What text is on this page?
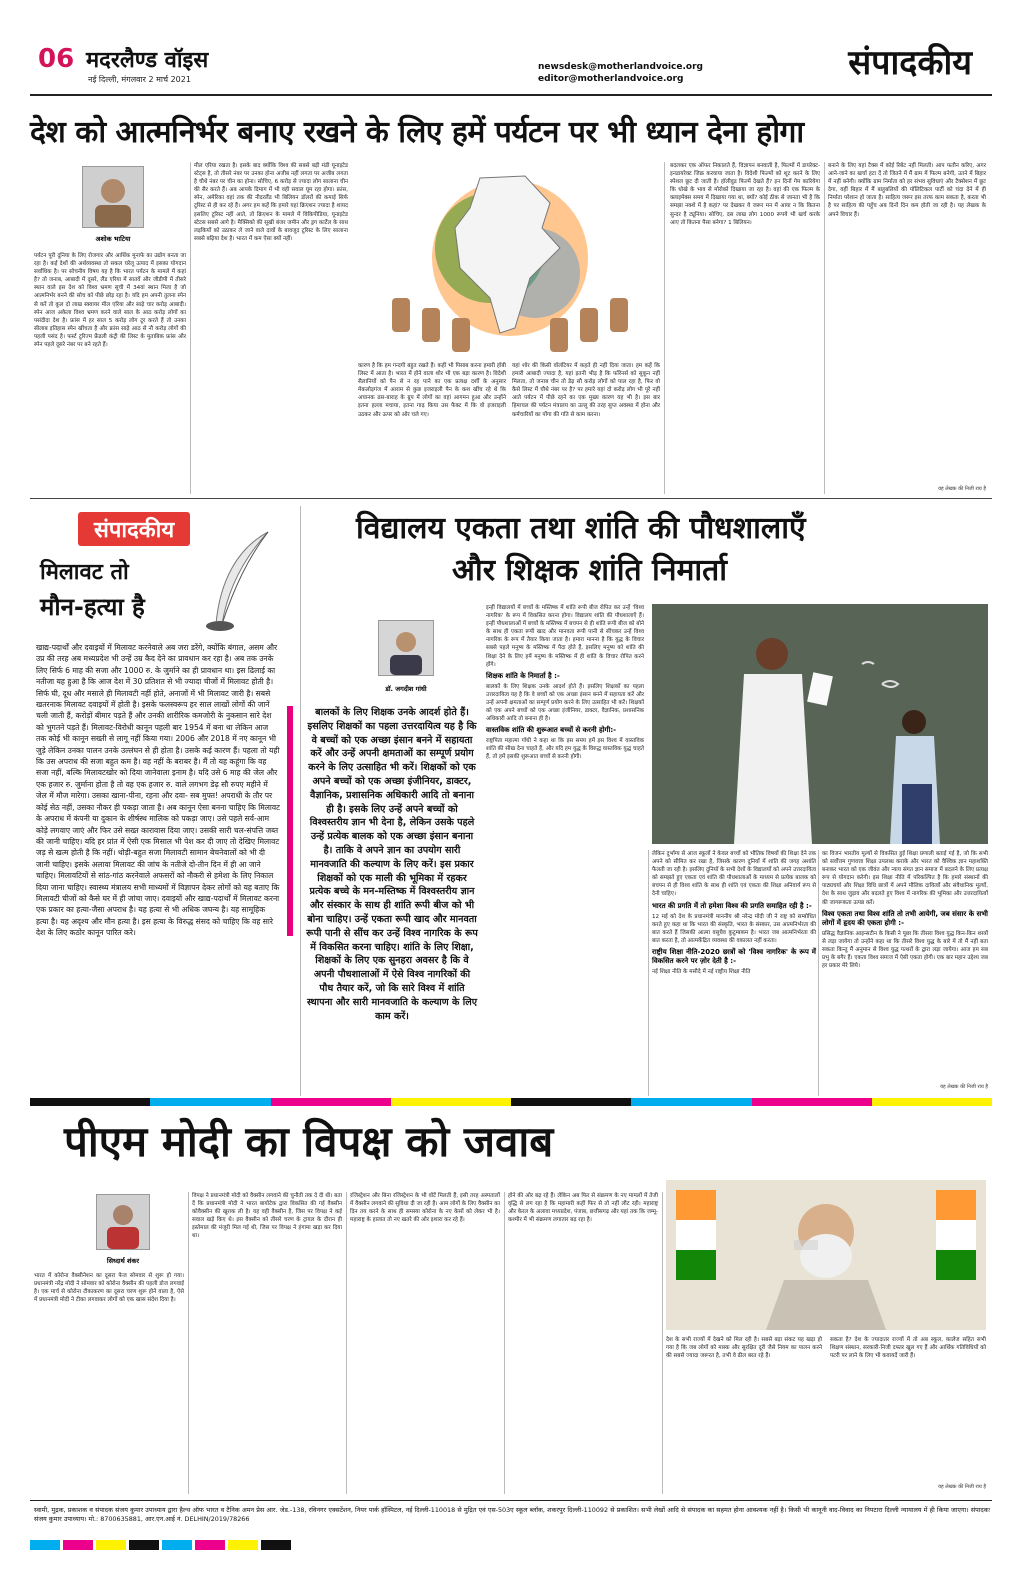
06 मदरलैण्ड वॉइस
नई दिल्ली, मंगलवार 2 मार्च 2021
newsdesk@motherlandvoice.org
editor@motherlandvoice.org	संपादकीय
देश को आत्मनिर्भर बनाए रखने के लिए हमें पर्यटन पर भी ध्यान देना होगा
अशोक भाटिया
पर्यटन पूरी दुनिया के लिए रोजगार और आर्थिक मुनाफे का उद्योग बनता जा रहा है। कई देशों की अर्थव्यवस्था तो सकल घरेलू उत्पाद में इसका योगदान सर्वाधिक है। पर सोचनीय विषय यह है कि भारत पर्यटन के मामले में कहां है? तो जनाब, आबादी में दूसरे, लैंड एरिया में सातवें और जीडीपी में तीसरे स्थान वाले इस देश को विश्व भ्रमण सूची में 34वां स्थान मिला है जो आत्मनिर्भर बनने की सोच को पीछे छोड़ रहा है। यदि हम अपनी तुलना स्पेन से करें तो कुल दो लाख स्क्वायर मील एरिया और साढ़े चार करोड़ आबादी। स्पेन आज अकेला विश्व भ्रमण करने वाले साल के आठ करोड़ लोगों का पसंदीदा देश है। फ्रांस में हर साल 5 करोड़ लोग टूर करते हैं तो उनका सीलाब इतिहास स्पेन खींचता है और फ्रांस साढ़े आठ से नौ करोड़ लोगों की पहली पसंद है। फर्स्ट टूरिज्म फ्रेंडली कंट्री की लिस्ट के मुताबिक फ्रांस और स्पेन पहले दूसरे नंबर पर बने रहते हैं।
मील एरिया रखता है। इसके बाद क्योंकि विश्व की सबसे बड़ी मंडी यूनाइटेड स्टेट्स है, तो तीसरे नंबर पर उनका होना अजीब नहीं लगता पर अजीब लगता है चौथे नंबर पर चीन का होना। सोचिए, 6 करोड़ से ज्यादा लोग सालाना चीन की सैर करते हैं। अब आपके दिमाग में भी वही सवाल घूम रहा होगा। फ्रांस, स्पेन, अमेरिका वहां तक की नीदरलैंड भी बिलियन डॉलरों की कमाई सिर्फ टूरिस्ट से ही कर रहे हैं। अगर हम कहें कि हमारे यहां क्रिएशन ज्यादा है शायद इसलिए टूरिस्ट नहीं आते, तो क्रिएशन के मामले में विकिपीडिया, यूनाइटेड स्टेटस सबसे आगे है। मैक्सिको की सूखी बंजर जमीन और ड्रग कार्टेल के साथ लड़कियों को उठाकर ले जाने वाले दावों के बावजूद टूरिस्ट के लिए सालाना सबसे बढ़िया देश है। भारत में कम ऐसा क्यों नहीं।
कारण है कि हम गन्दगी बहुत रखते हैं। कहीं भी पिसाब करना हमारी हॉबी लिस्ट में आता है। भारत में होने वाला शोर भी एक बड़ा कारण है। विदेशी सैलानियों को पैन से न रह पाने का एक प्रत्यक्ष दर्शी के अनुसार मेकलोड़गंज में आराम से कुछ इजराइली पैन के कश खींच रहे थे कि अचानक ढस-बाराह के ग्रुप में लोगों का वहां आगमन हुआ और उन्होंने इतना हल्ला मचाया, इतना गाढ़ किया उस फैक्ट में कि वो इजराइली उठकर और ऊपर को ओर चले गए।
यहां शोर की किसी वॉलंटियर में कहते ही नहीं दिया जाता। हम कहें कि हमारी आबादी ज्यादा है, यहां इतनी भीड़ है कि फॉरेनर्स को सुकून नहीं मिलता, तो जनाब चीन तो डेढ़ सौ करोड़ लोगों को पाल रहा है, फिर वो कैसे लिस्ट में चौथे नंबर पर है? पर हमारे यहां दो करोड़ लोग भी पूरे नहीं आते पर्यटन में पीछे रहने का एक मुख्य कारण यह भी है। इस बार हिमाचल की पर्यटन मंत्रालय का उल्लू की तरह सुप्त अवस्था में होना और कर्मचारियों का पोंगा की गति से काम करना।
बदलकर एक ऑफर निकालते हैं, विज्ञापन बनवाती है, फिल्मों में डायरेक्ट-इनडायरेक्ट जिक्र करवाया जाता है। विदेशी फिल्मों को शूट करने के लिए स्पेशल छूट दी जाती है। हॉलीवुड फिल्में देखते हैं? इन दिनों गेम कारियेगा कि धोखे के भाव से मोरोको दिखाया जा रहा है। वहां की एक फिल्म के क्लाइमेक्स समय में दिखाया गया था, क्यों? कोई ठीक से जानता भी है कि समझा नक्शे में है कहां? पर देखकर ये जरूर मन में आया न कि कितना सुन्दर है ट्यूनिया। सोचिए, दस लाख लोग 1000 रूपये भी खर्च करके आए तो कितना पैसा बनेगा? 1 बिलियन।
बनाने के लिए यहां टैक्स में कोई रिबेट नहीं मिलती। आप फतौन करिए, अगर आने-जाने का खर्चा हटा दें तो जितने में मैं ग्राम में फिल्म बनेगी, उतने में बिहार में नहीं बनेगी। क्योंकि ग्राम निर्माता को हर संभव सुविधाएं और टैक्सेशन में छूट देगा, वहीं बिहार में मैं बाहुबलियों की पॉलिटिकल पार्टी को चंदा देने में ही निर्माता परेशान हो जाता है। साहित्य जरूर इस तरफ काम सकता है, करता भी है पर साहित्य की पहुँच अब दिनों दिन कम होती जा रही है। यह लेखक के अपने विचार हैं।
यह लेखक की निजी राय है
संपादकीय
मिलावट तो
मौन-हत्या है
खाद्य-पदार्थों और दवाइयों में मिलावट करनेवाले अब जरा डरेंगे, क्योंकि बंगाल, असम और उप्र की तरह अब मध्यप्रदेश भी उन्हें उम्र कैद देने का प्रावधान कर रहा है। अब तक उनके लिए सिर्फ 6 माह की सजा और 1000 रु. के जुर्माने का ही प्रावधान था। इस ढिलाई का नतीजा यह हुआ है कि आज देश में 30 प्रतिशत से भी ज्यादा चीजों में मिलावट होती है। सिर्फ घी, दूध और मसाले ही मिलावटी नहीं होते, अनाजों में भी मिलावट जारी है। सबसे खतरनाक मिलावट दवाइयों में होती है। इसके फलस्वरूप हर साल लाखों लोगों की जानें चली जाती हैं, करोड़ों बीमार पड़ते हैं और उनकी शारीरिक कमजोरी के नुकसान सारे देश को भुगतने पड़ते हैं। मिलावट-विरोधी कानून पहली बार 1954 में बना था लेकिन आज तक कोई भी कानून सख्ती से लागू नहीं किया गया। 2006 और 2018 में नए कानून भी जुड़े लेकिन उनका पालन उनके उल्लंघन से ही होता है। उसके कई कारण हैं। पहला तो यही कि उस अपराध की सजा बहुत कम है। वह नहीं के बराबर है। मैं तो यह कहूंगा कि वह सजा नहीं, बल्कि मिलावटखोर को दिया जानेवाला इनाम है। यदि उसे 6 माह की जेल और एक हजार रु. जुर्माना होता है तो वह एक हजार रु. वाले लगभग डेढ़ सौ रुपए महीने में जेल में मौज मारेगा। उसका खाना-पीना, रहना और दवा- सब मुफ्त! अपराधी के तौर पर कोई सेठ नहीं, उसका नौकर ही पकड़ा जाता है। अब कानून ऐसा बनना चाहिए कि मिलावट के अपराध में कंपनी या दुकान के शीर्षस्थ मालिक को पकड़ा जाए। उसे पहले सर्व-आम कोड़े लगवाए जाएं और फिर उसे सख्त कारावास दिया जाए। उसकी सारी चल-संपत्ति जब्त की जानी चाहिए। यदि हर प्रांत में ऐसी एक मिसाल भी पेश कर दी जाए तो देखिए मिलावट जड़ से खत्म होती है कि नहीं। थोड़ी-बहुत सजा मिलावटी सामान बेचनेवालों को भी दी जानी चाहिए। इसके अलावा मिलावट की जांच के नतीजे दो-तीन दिन में ही आ जाने चाहिए। मिलावटियों से सांठ-गांठ करनेवाले अफसरों को नौकरी से हमेशा के लिए निकाल दिया जाना चाहिए। स्वास्थ्य मंत्रालय सभी माध्यमों में विज्ञापन देकर लोगों को यह बताए कि मिलावटी चीजों को कैसे घर में ही जांचा जाए। दवाइयों और खाद्य-पदार्थों में मिलावट करना एक प्रकार का हत्या-जैसा अपराध है। यह हत्या से भी अधिक जघन्य है। यह सामूहिक हत्या है। यह अदृश्य और मौन हत्या है। इस हत्या के विरुद्ध संसद को चाहिए कि वह सारे देश के लिए कठोर कानून पारित करे।
विद्यालय एकता तथा शांति की पौधशालाएँ
और शिक्षक शांति निमार्ता
डॉ. जगदीश गांधी
बालकों के लिए शिक्षक उनके आदर्श होते हैं। इसलिए शिक्षकों का पहला उत्तरदायित्व यह है कि वे बच्चों को एक अच्छा इंसान बनने में सहायता करें और उन्हें अपनी क्षमताओं का सम्पूर्ण प्रयोग करने के लिए उत्साहित भी करें। शिक्षकों को एक अपने बच्चों को एक अच्छा इंजीनियर, डाक्टर, वैज्ञानिक, प्रशासनिक अधिकारी आदि तो बनाना ही है। इसके लिए उन्हें अपने बच्चों को विश्वस्तरीय ज्ञान भी देना है, लेकिन उसके पहले उन्हें प्रत्येक बालक को एक अच्छा इंसान बनाना है। ताकि वे अपने ज्ञान का उपयोग सारी मानवजाति की कल्याण के लिए करें। इस प्रकार शिक्षकों को एक माली की भूमिका में रहकर प्रत्येक बच्चे के मन-मस्तिष्क में विश्वस्तरीय ज्ञान और संस्कार के साथ ही शांति रूपी बीज को भी बोना चाहिए। उन्हें एकता रूपी खाद और मानवता रूपी पानी से सींच कर उन्हें विश्व नागरिक के रूप में विकसित करना चाहिए। शांति के लिए शिक्षा, शिक्षकों के लिए एक सुनहरा अवसर है कि वे अपनी पौधशालाओं में ऐसे विश्व नागरिकों की पौध तैयार करें, जो कि सारे विश्व में शांति स्थापना और सारी मानवजाति के कल्याण के लिए काम करें।

इन्हीं विद्यालयों में बच्चों के मस्तिष्क में शांति रूपी बीज रोपित कर उन्हें 'विश्व नागरिक' के रूप में विकसित करना होगा। विद्यालय शांति की पौधशालाएँ हैं। इन्हीं पौधशालाओं में बच्चों के मस्तिष्क में बचपन से ही शांति रूपी बीज को बोने के साथ ही एकता रूपी खाद और मानवता रूपी पानी से सींचकर उन्हें विश्व नागरिक के रूप में तैयार किया जाता है। हमारा मानना है कि युद्ध के विचार सबसे पहले मनुष्य के मस्तिष्क में पैदा होते हैं, इसलिए मनुष्य को शांति की शिक्षा देने के लिए हमें मनुष्य के मस्तिष्क में ही शांति के विचार रोपित करने होंगे।

शिक्षक शांति के निमार्ता है :-

बालकों के लिए शिक्षक उनके आदर्श होते हैं। इसलिए शिक्षकों का पहला उत्तरदायित्व यह है कि वे बच्चों को एक अच्छा इंसान बनने में सहायता करें और उन्हें अपनी क्षमताओं का सम्पूर्ण प्रयोग करने के लिए उत्साहित भी करें। शिक्षकों को एक अपने बच्चों को एक अच्छा इंजीनियर, डाक्टर, वैज्ञानिक, प्रशासनिक अधिकारी आदि तो बनाना ही है।

वास्तविक शांति की शुरूआत बच्चों से करनी होगी:-

राष्ट्रपिता महात्मा गाँधी ने कहा था कि इस समय हमें इस विश्व में वास्तविक शांति की सीख देना चाहते हैं, और यदि हम युद्ध के विरुद्ध वास्तविक युद्ध चाहते हैं, तो हमें इसकी शुरूआत बच्चों से करनी होगी।

लेकिन दुर्भाग्य से आज स्कूलों ने केवल बच्चों को भौतिक विषयों की शिक्षा देने तक अपने को सीमित कर रखा है, जिसके कारण दुनियाँ में शांति की जगह अशांति फैलती जा रही है। इसलिए दुनियाँ के सभी देशों के विद्यालयों को अपने उत्तरदायित्व को समझते हुए एकता एवं शांति की पौधशालाओं के माध्यम से प्रत्येक बालक को बचपन से ही विश्व शांति के साथ ही शांति एवं एकता की शिक्षा अनिवार्य रूप से देनी चाहिए।

भारत की प्रगति में तो हमेशा विश्व की प्रगति समाहित रही है :-

12 मई को देश के प्रधानमंत्री माननीय श्री नरेन्द्र मोदी जी ने राष्ट्र को सम्बोधित करते हुए कहा था कि भारत की संस्कृति, भारत के संस्कार, उस आत्मनिर्भरता की बात करते हैं जिसकी आत्मा वसुधैव कुटुम्बकम है। भारत जब आत्मनिर्भरता की बात करता है, तो आत्मकेंद्रित व्यवस्था की वकालत नहीं करता।

राष्ट्रीय शिक्षा नीति-2020 छात्रों को 'विश्व नागरिक' के रूप में विकसित करने पर ज़ोर देती है :-

नई शिक्षा नीति के मसौदे में नई राष्ट्रीय शिक्षा नीति

का विजन भारतीय मूल्यों से विकसित हुई शिक्षा प्रणाली बताई गई है, जो कि सभी को सर्वोत्तम गुणवत्ता शिक्षा उपलब्ध कराके और भारत को वैश्विक ज्ञान महाशक्ति बनाकर भारत को एक जीवंत और न्याय संगत ज्ञान समाज में बदलने के लिए प्रत्यक्ष रूप से योगदान करेगी। इस शिक्षा नीति में परिकल्पित है कि हमारे संस्थानों की पाठ्यचर्या और शिक्षा विधि छात्रों में अपने मौलिक दायित्वों और संवैधानिक मूल्यों, देश के साथ जुड़ाव और बदलते हुए विश्व में नागरिक की भूमिका और उत्तरदायित्वों की जागरूकता उत्पन्न करें।

विश्व एकता तथा विश्व शांति तो तभी आयेगी, जब संसार के सभी लोगों में हृदय की एकता होगी :-

प्रसिद्ध वैज्ञानिक आइन्सटीन के किसी ने पूछा कि तीसरा विश्व युद्ध किन-किन शस्त्रों से लड़ा जायेगा तो उन्होंने कहा था कि तीसरे विश्व युद्ध के बारे में तो मैं नहीं बता सकता किन्तु मैं अनुमान से विश्व युद्ध पत्थरों के द्वारा लड़ा जायेगा। आज हम सब प्रभु के बगैर हैं। एकता विश्व समाज में ऐसी एकता होगी। एक बार महान उद्देश्य जब हर प्रकार मेरे लिये।

यह लेखक की निजी राय है
पीएम मोदी का विपक्ष को जवाब
सिध्दार्थ शंकर
भारत में कोरोना वैक्सीनेशन का दूसरा फेज सोमवार से शुरू हो गया। प्रधानमंत्री नरेंद्र मोदी ने सोमवार को कोरोना वैक्सीन की पहली डोज लगवाई है। एक मार्च से कोरोना टीकाकरण का दूसरा चरण शुरू होने वाला है, ऐसे में प्रधानमंत्री मोदी ने टीका लगवाकर लोगों को एक खास संदेश दिया है।
विपक्ष ने प्रधानमंत्री मोदी को वैक्सीन लगवाने की चुनौती तक दे दी थी। बता दें कि प्रधानमंत्री मोदी ने भारत बायोटेक द्वारा विकसित की गई वैक्सीन कोवैक्सीन की खुराक ली है। यह वही वैक्सीन है, जिस पर विपक्ष ने कई सवाल खड़े किए थे। इस वैक्सीन को तीसरे चरण के ट्रायल के दौरान ही इस्तेमाल की मंजूरी मिल गई थी, जिस पर विपक्ष ने हंगामा खड़ा कर दिया था।
रजिस्ट्रेशन और बिना रजिस्ट्रेशन के भी वोटें मिलती हैं, इसी तरह अस्पतालों में वैक्सीन लगवाने की सुविधा दी जा रही है। आम लोगों के लिए वैक्सीन का दिन तय करने के साथ ही समस्या कोरोना के नए केसों को लेकर भी है। महाराष्ट्र के हालात तो नए खतरे की ओर इशारा कर रहे हैं।
होने की ओर बढ़ रहे हैं। लेकिन अब फिर से संक्रमण के नए मामलों में तेजी वृद्धि से लग रहा है कि महामारी कहीं फिर से तो नहीं लौट रही। महाराष्ट्र और केरल के अलावा मध्यप्रदेश, पंजाब, छत्तीसगढ़ और यहां तक कि जम्मू-कश्मीर में भी संक्रमण लगातार बढ़ रहा है।
देश के सभी राज्यों में देखने को मिल रही है। सबसे बड़ा संकट यह खड़ा हो गया है कि जब लोगों को मास्क और सुरक्षित दूरी जैसे नियम का पालन करने की सबसे ज्यादा जरूरत है, तभी वे ढील बरत रहे हैं।
सकता है? देश के ज्यादातर राज्यों में तो अब स्कूल, कालेज सहित सभी शिक्षण संस्थान, सरकारी-निजी दफ्तर खुल गए हैं और आर्थिक गतिविधियों को पटरी पर लाने के लिए भी कवायदें जारी हैं।
यह लेखक की निजी राय है
स्वामी, मुद्रक, प्रकाशक व संपादक संजय कुमार उपाध्याय द्वारा हैल्थ ऑफ भारत व टैनिक अमन प्रेस आर. जेड.-138, रविनगर एक्सटेंशन, नियर पार्क हॉस्पिटल, नई दिल्ली-110018 से मुद्रित एवं एस-503ए स्कूल ब्लॉक, शकरपुर दिल्ली-110092 से प्रकाशित। सभी लेखों आदि से संपादक का सहमत होना आवश्यक नहीं है। किसी भी कानूनी वाद-विवाद का निपटारा दिल्ली न्यायालय में ही किया जाएगा। संपादकः संजय कुमार उपाध्याय। मो.: 8700635881, आर.एन.आई नं. DELHIN/2019/78266
